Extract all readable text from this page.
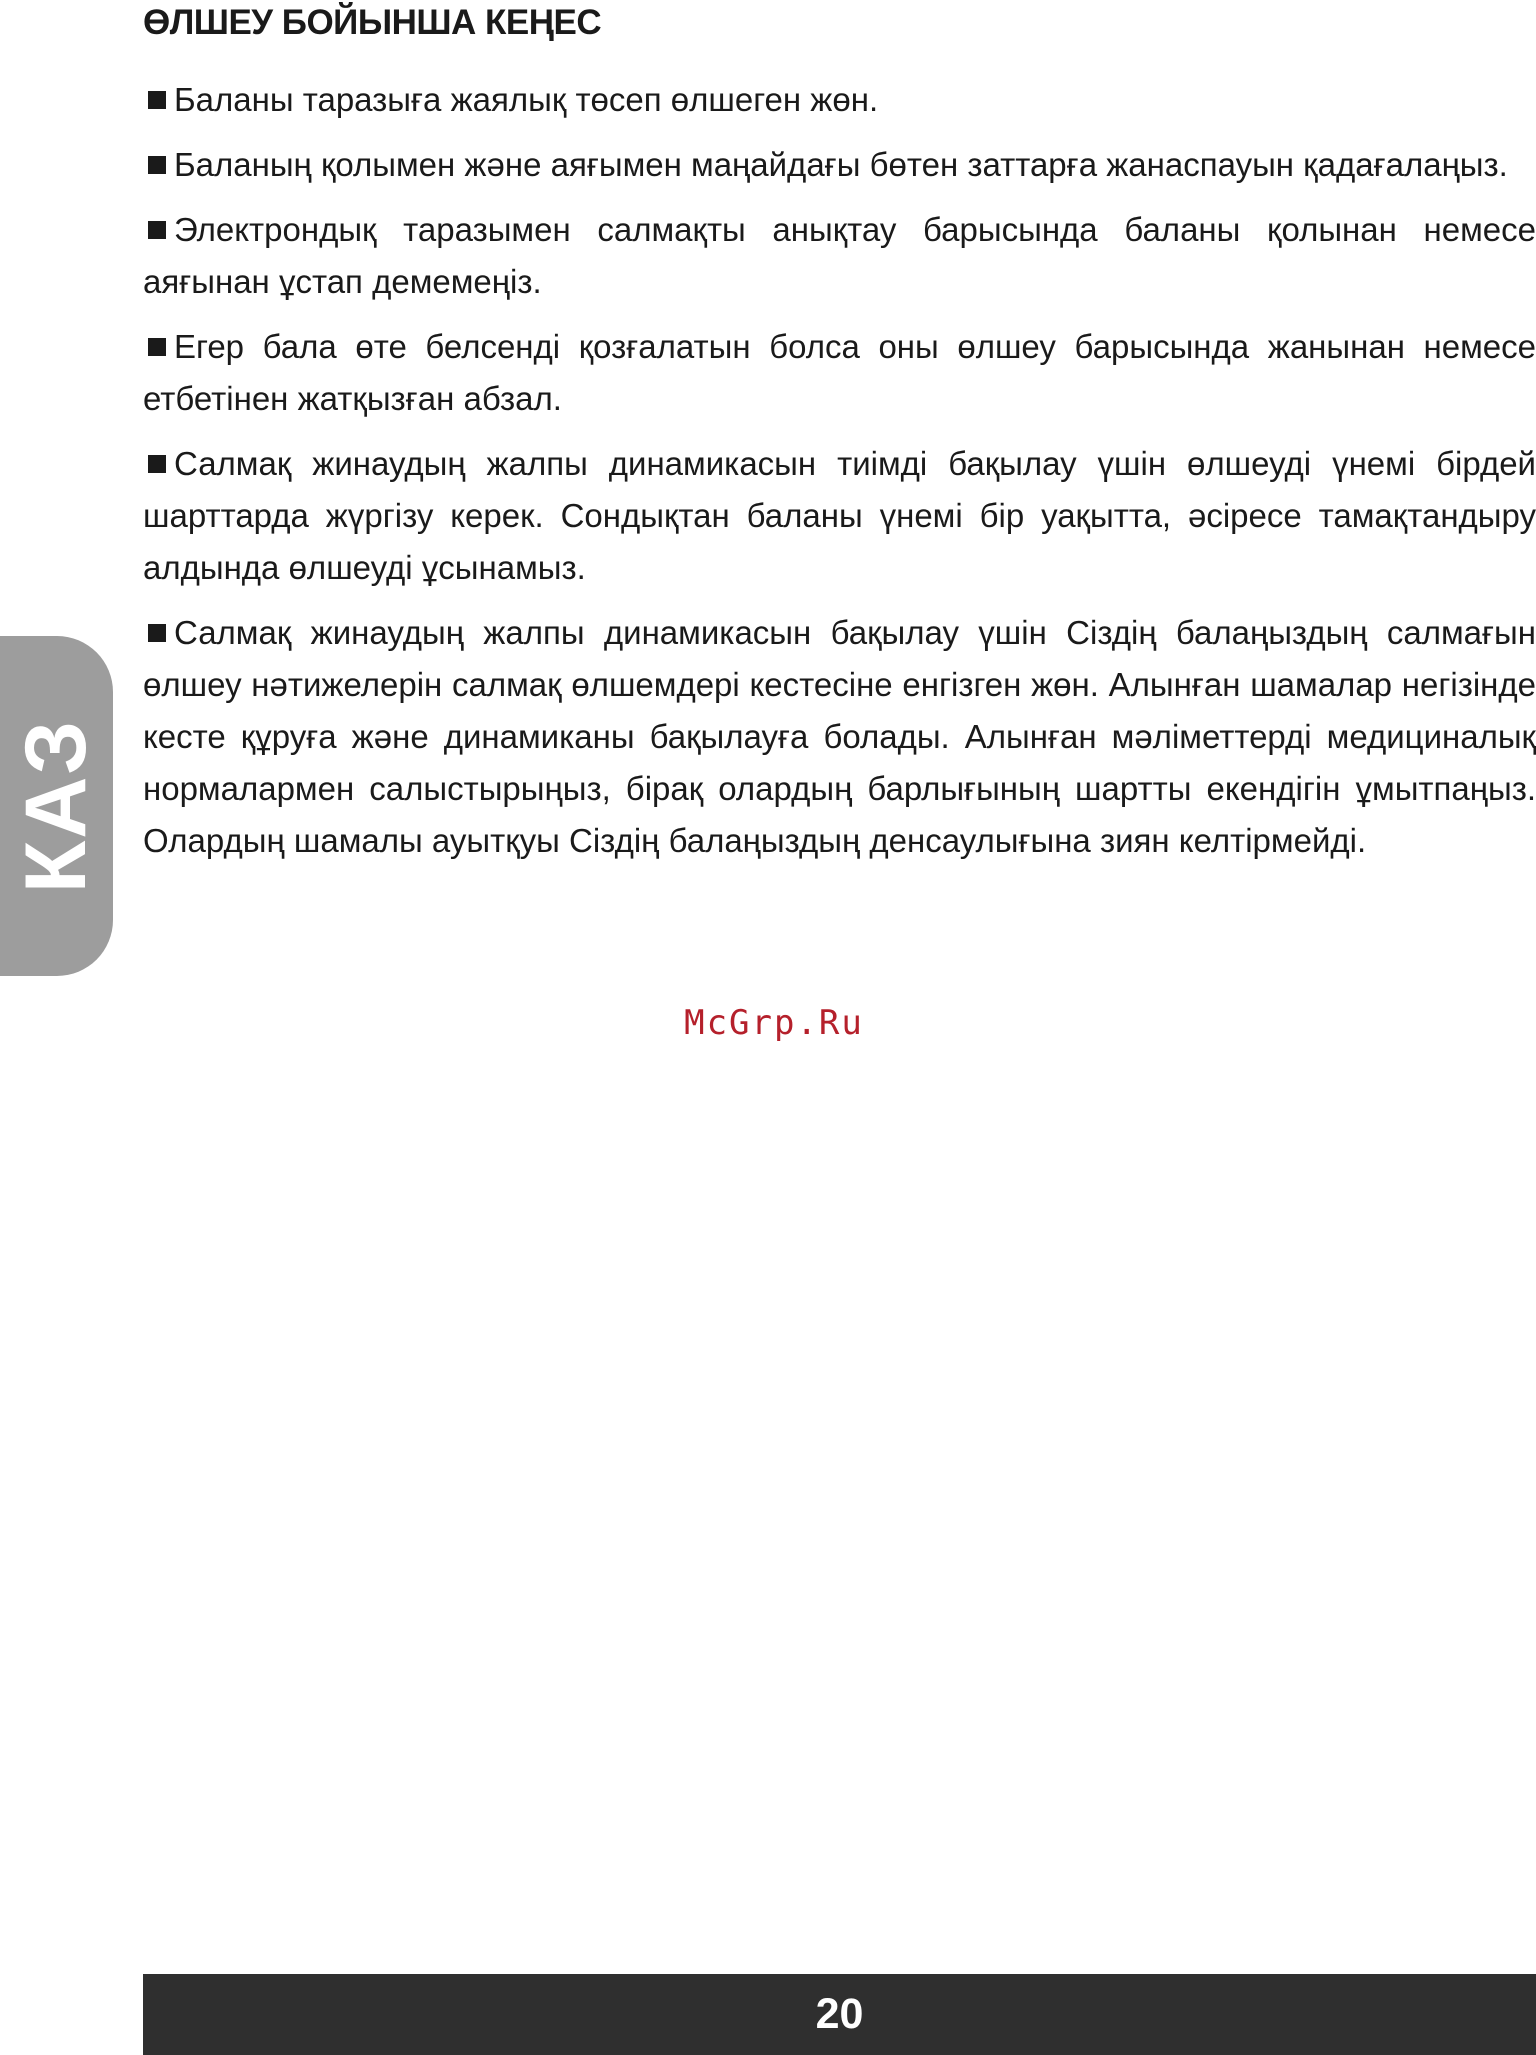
ӨЛШЕУ БОЙЫНША КЕҢЕС

Баланы таразыға жаялық төсеп өлшеген жөн.

Баланың қолымен және аяғымен маңайдағы бөтен заттарға жанаспауын қадағалаңыз.

Электрондық таразымен салмақты анықтау барысында баланы қолынан немесе аяғынан ұстап демемеңіз.

Егер бала өте белсенді қозғалатын болса оны өлшеу барысында жанынан немесе етбетінен жатқызған абзал.

Салмақ жинаудың жалпы динамикасын тиімді бақылау үшін өлшеуді үнемі бірдей шарттарда жүргізу керек. Сондықтан баланы үнемі бір уақытта, әсіресе тамақтандыру алдында өлшеуді ұсынамыз.

Салмақ жинаудың жалпы динамикасын бақылау үшін Сіздің балаңыздың салмағын өлшеу нәтижелерін салмақ өлшемдері кестесіне енгізген жөн. Алынған шамалар негізінде кесте құруға және динамиканы бақылауға болады. Алынған мәліметтерді медициналық нормалармен салыстырыңыз, бірақ олардың барлығының шартты екендігін ұмытпаңыз. Олардың шамалы ауытқуы Сіздің балаңыздың денсаулығына зиян келтірмейді.

КАЗ
McGrp.Ru
20
